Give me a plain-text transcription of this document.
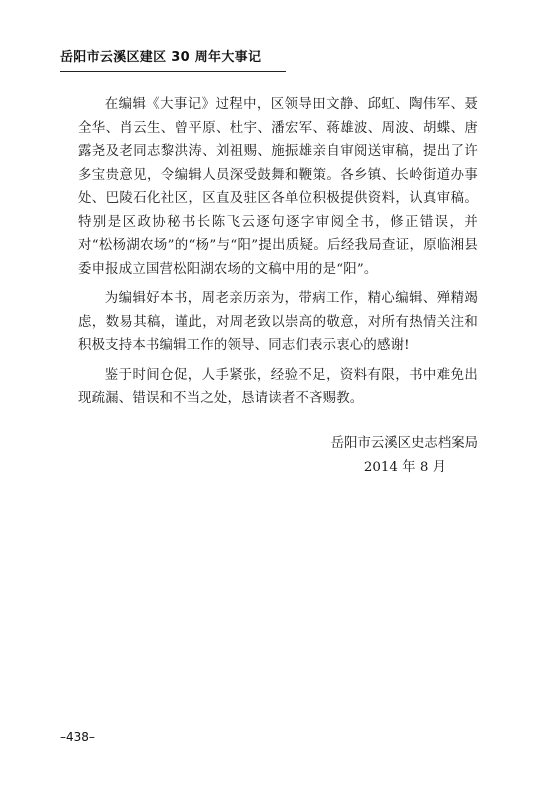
岳阳市云溪区建区 30 周年大事记

在编辑《大事记》过程中，区领导田文静、邱虹、陶伟军、聂全华、肖云生、曾平原、杜宇、潘宏军、蒋雄波、周波、胡蝶、唐露尧及老同志黎洪涛、刘祖赐、施振雄亲自审阅送审稿，提出了许多宝贵意见，令编辑人员深受鼓舞和鞭策。各乡镇、长岭街道办事处、巴陵石化社区，区直及驻区各单位积极提供资料，认真审稿。特别是区政协秘书长陈飞云逐句逐字审阅全书，修正错误，并对“松杨湖农场”的“杨”与“阳”提出质疑。后经我局查证，原临湘县委申报成立国营松阳湖农场的文稿中用的是“阳”。

为编辑好本书，周老亲历亲为，带病工作，精心编辑、殚精竭虑，数易其稿，谨此，对周老致以崇高的敬意，对所有热情关注和积极支持本书编辑工作的领导、同志们表示衷心的感谢!

鉴于时间仓促，人手紧张，经验不足，资料有限，书中难免出现疏漏、错误和不当之处，恳请读者不吝赐教。

岳阳市云溪区史志档案局
2014 年 8 月
–438–
